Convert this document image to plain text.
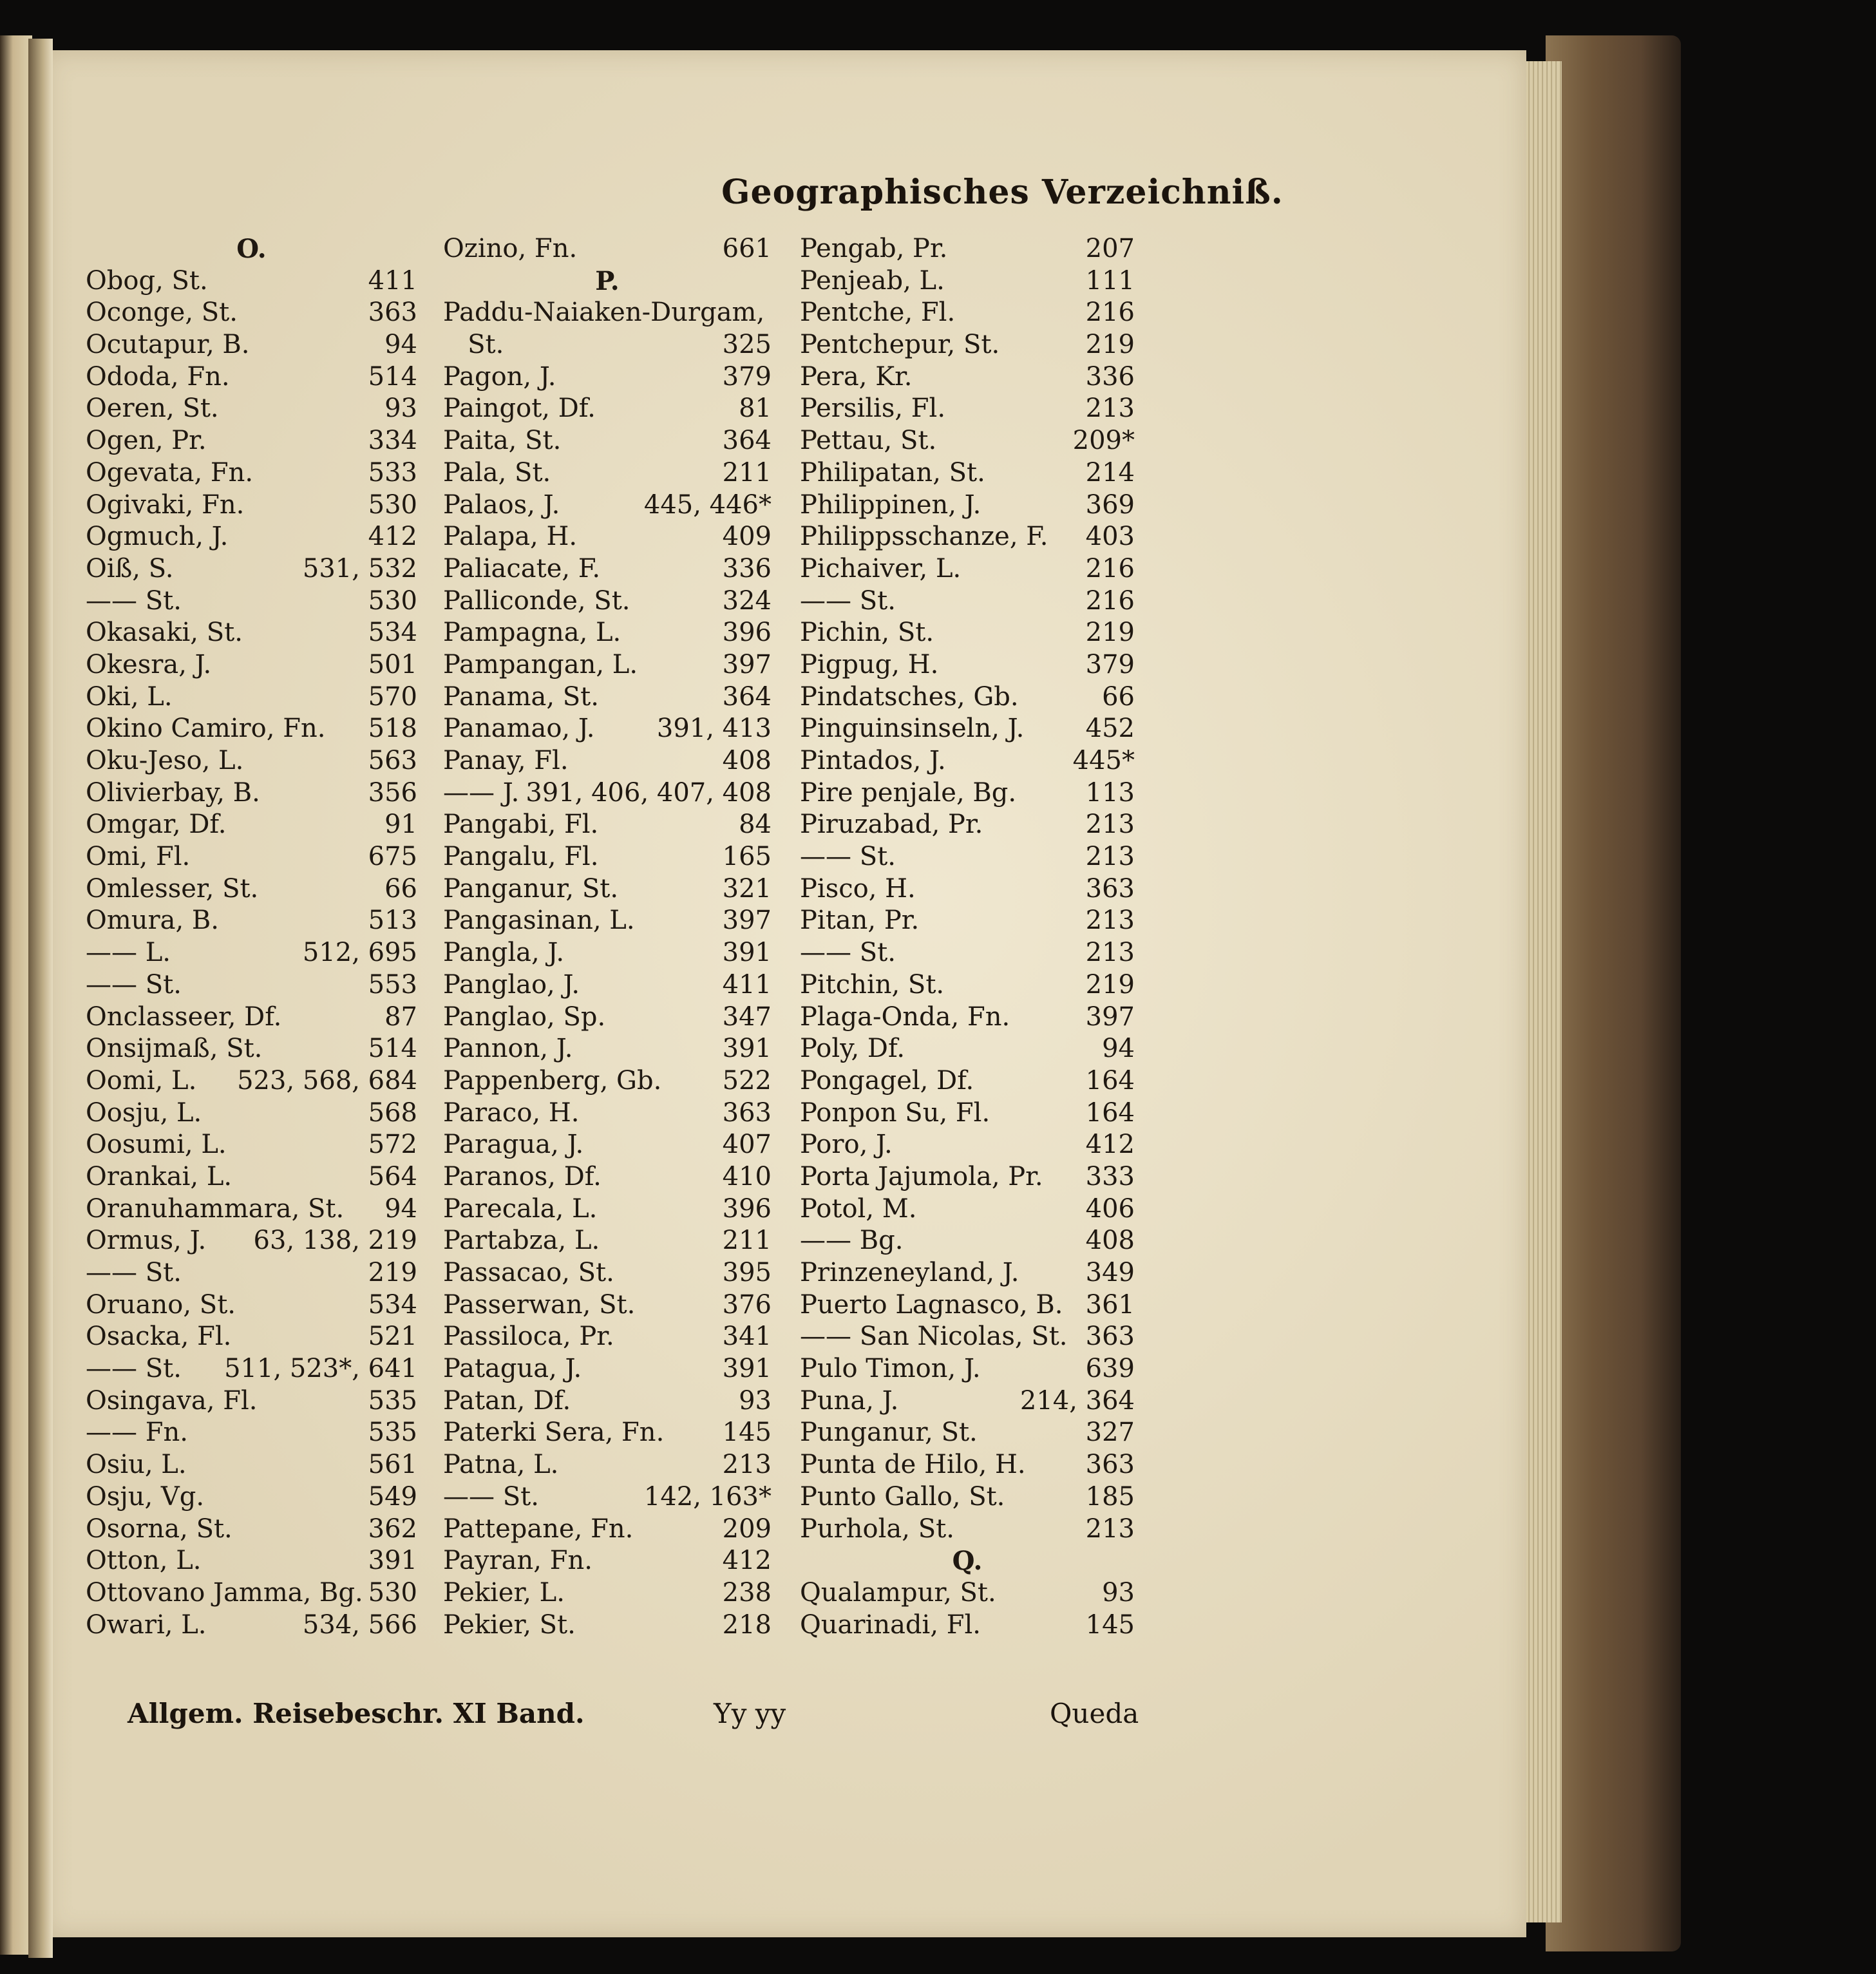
Geographisches Verzeichniß.
O.
Obog, St.	411
Oconge, St.	363
Ocutapur, B.	94
Ododa, Fn.	514
Oeren, St.	93
Ogen, Pr.	334
Ogevata, Fn.	533
Ogivaki, Fn.	530
Ogmuch, J.	412
Oiß, S.	531, 532
—— St.	530
Okasaki, St.	534
Okesra, J.	501
Oki, L.	570
Okino Camiro, Fn. 518
Oku-Jeso, L.	563
Olivierbay, B.	356
Omgar, Df.	91
Omi, Fl.	675
Omlesser, St.	66
Omura, B.	513
—— L.	512, 695
—— St.	553
Onclasseer, Df.	87
Onsijmaß, St.	514
Oomi, L. 523, 568, 684
Oosju, L.	568
Oosumi, L.	572
Orankai, L.	564
Oranuhammara, St. 94
Ormus, J. 63, 138, 219
—— St.	219
Oruano, St.	534
Osacka, Fl.	521
—— St. 511, 523*, 641
Osingava, Fl.	535
—— Fn.	535
Osiu, L.	561
Osju, Vg.	549
Osorna, St.	362
Otton, L.	391
Ottovano Jamma, Bg. 530
Owari, L.	534, 566
Ozino, Fn.	661
P.
Paddu-Naiaken-Durgam,
St.	325
Pagon, J.	379
Paingot, Df.	81
Paita, St.	364
Pala, St.	211
Palaos, J.	445, 446*
Palapa, H.	409
Paliacate, F.	336
Palliconde, St.	324
Pampagna, L.	396
Pampangan, L.	397
Panama, St.	364
Panamao, J. 391, 413
Panay, Fl.	408
—— J. 391, 406, 407, 408
Pangabi, Fl.	84
Pangalu, Fl.	165
Panganur, St.	321
Pangasinan, L.	397
Pangla, J.	391
Panglao, J.	411
Panglao, Sp.	347
Pannon, J.	391
Pappenberg, Gb. 522
Paraco, H.	363
Paragua, J.	407
Paranos, Df.	410
Parecala, L.	396
Partabza, L.	211
Passacao, St.	395
Passerwan, St.	376
Passiloca, Pr.	341
Patagua, J.	391
Patan, Df.	93
Paterki Sera, Fn. 145
Patna, L.	213
—— St.	142, 163*
Pattepane, Fn.	209
Payran, Fn.	412
Pekier, L.	238
Pekier, St.	218
Pengab, Pr.	207
Penjeab, L.	111
Pentche, Fl.	216
Pentchepur, St.	219
Pera, Kr.	336
Persilis, Fl.	213
Pettau, St.	209*
Philipatan, St.	214
Philippinen, J.	369
Philippsschanze, F. 403
Pichaiver, L.	216
—— St.	216
Pichin, St.	219
Pigpug, H.	379
Pindatsches, Gb.	66
Pinguinsinseln, J. 452
Pintados, J.	445*
Pire penjale, Bg.	113
Piruzabad, Pr.	213
—— St.	213
Pisco, H.	363
Pitan, Pr.	213
—— St.	213
Pitchin, St.	219
Plaga-Onda, Fn.	397
Poly, Df.	94
Pongagel, Df.	164
Ponpon Su, Fl.	164
Poro, J.	412
Porta Jajumola, Pr. 333
Potol, M.	406
—— Bg.	408
Prinzeneyland, J.	349
Puerto Lagnasco, B. 361
—— San Nicolas, St. 363
Pulo Timon, J.	639
Puna, J.	214, 364
Punganur, St.	327
Punta de Hilo, H. 363
Punto Gallo, St.	185
Purhola, St.	213
Q.
Qualampur, St.	93
Quarinadi, Fl.	145
Allgem. Reisebeschr. XI Band.	Yy yy	Queda
